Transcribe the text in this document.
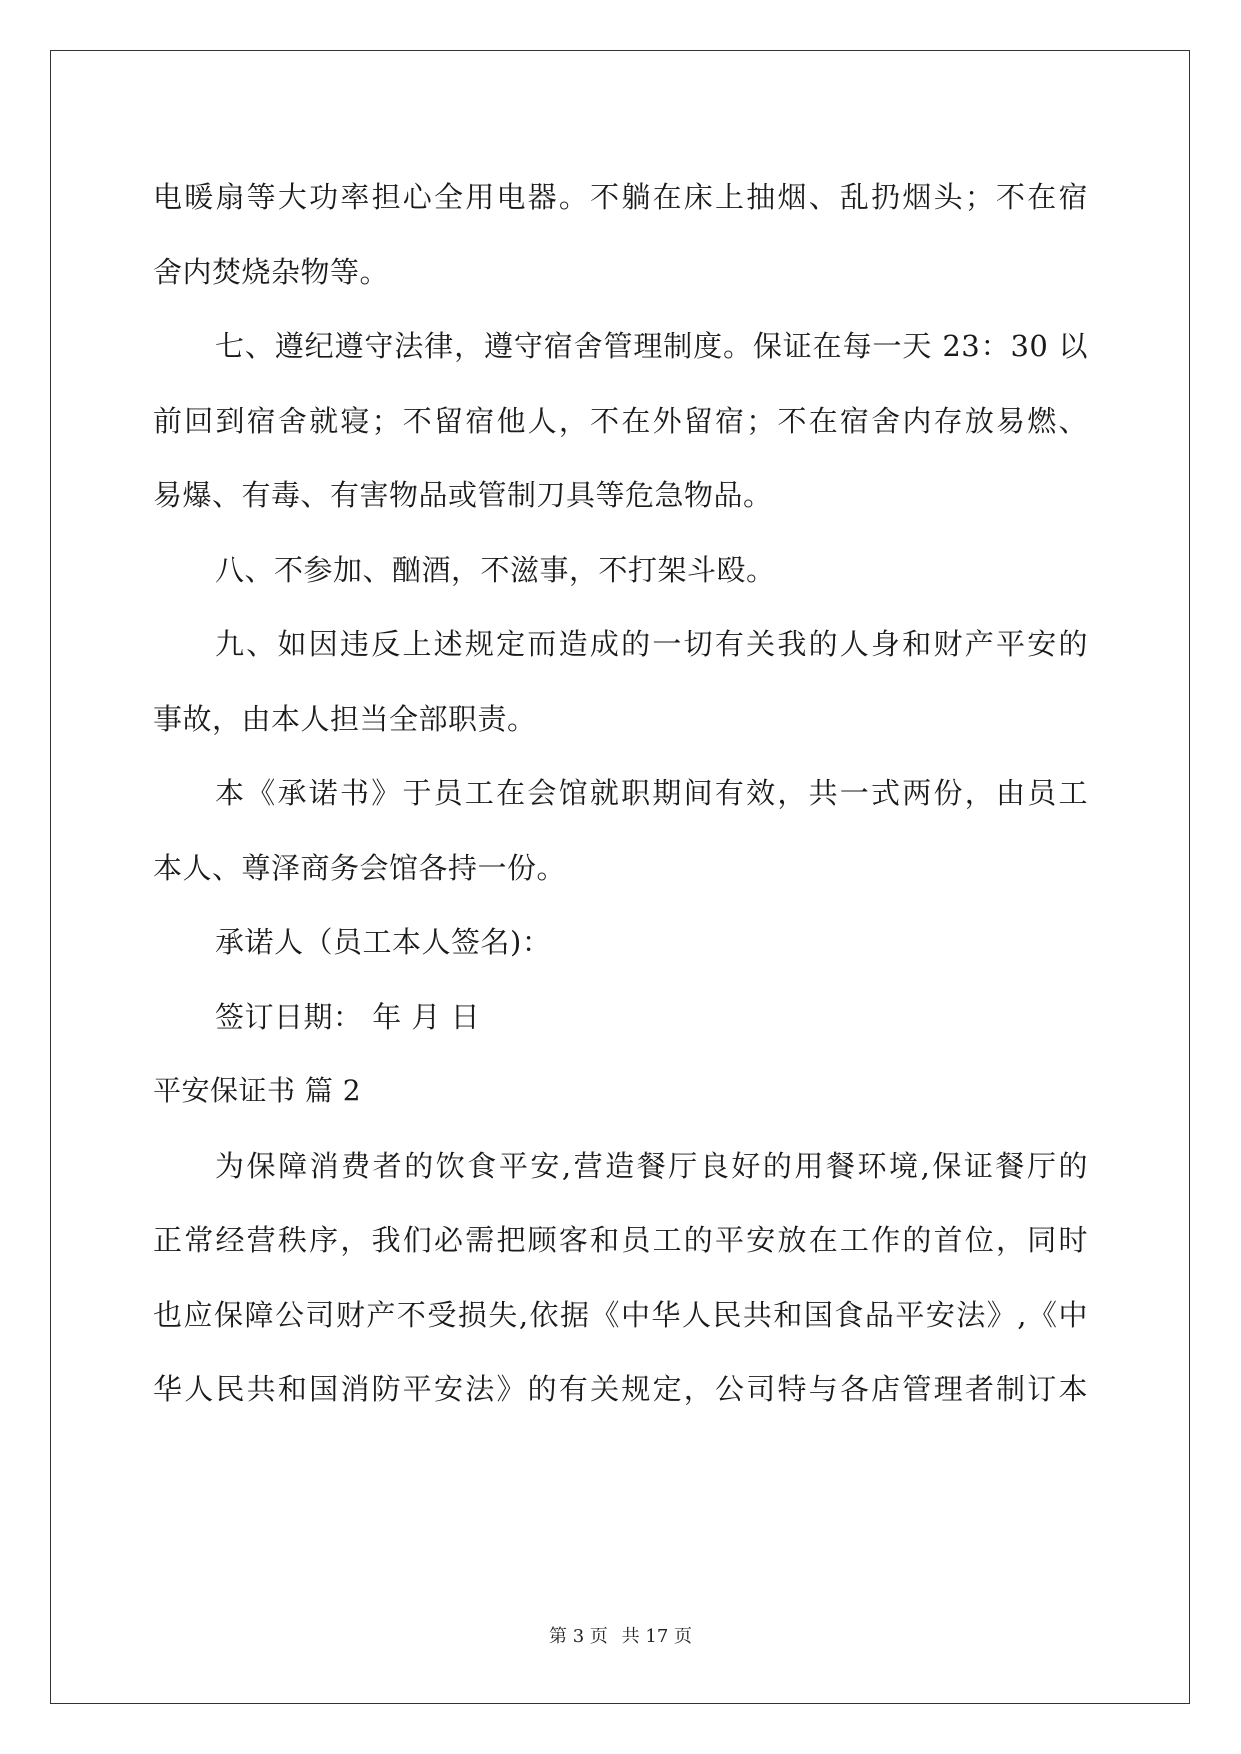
电暖扇等大功率担心全用电器。不躺在床上抽烟、乱扔烟头；不在宿
舍内焚烧杂物等。
七、遵纪遵守法律，遵守宿舍管理制度。保证在每一天 23：30 以
前回到宿舍就寝；不留宿他人，不在外留宿；不在宿舍内存放易燃、
易爆、有毒、有害物品或管制刀具等危急物品。
八、不参加、酗酒，不滋事，不打架斗殴。
九、如因违反上述规定而造成的一切有关我的人身和财产平安的
事故，由本人担当全部职责。
本《承诺书》于员工在会馆就职期间有效，共一式两份，由员工
本人、尊泽商务会馆各持一份。
承诺人（员工本人签名)：
签订日期： 年 月 日
平安保证书 篇 2
为保障消费者的饮食平安,营造餐厅良好的用餐环境,保证餐厅的
正常经营秩序，我们必需把顾客和员工的平安放在工作的首位，同时
也应保障公司财产不受损失,依据《中华人民共和国食品平安法》,《中
华人民共和国消防平安法》的有关规定，公司特与各店管理者制订本
第 3 页 共 17 页
